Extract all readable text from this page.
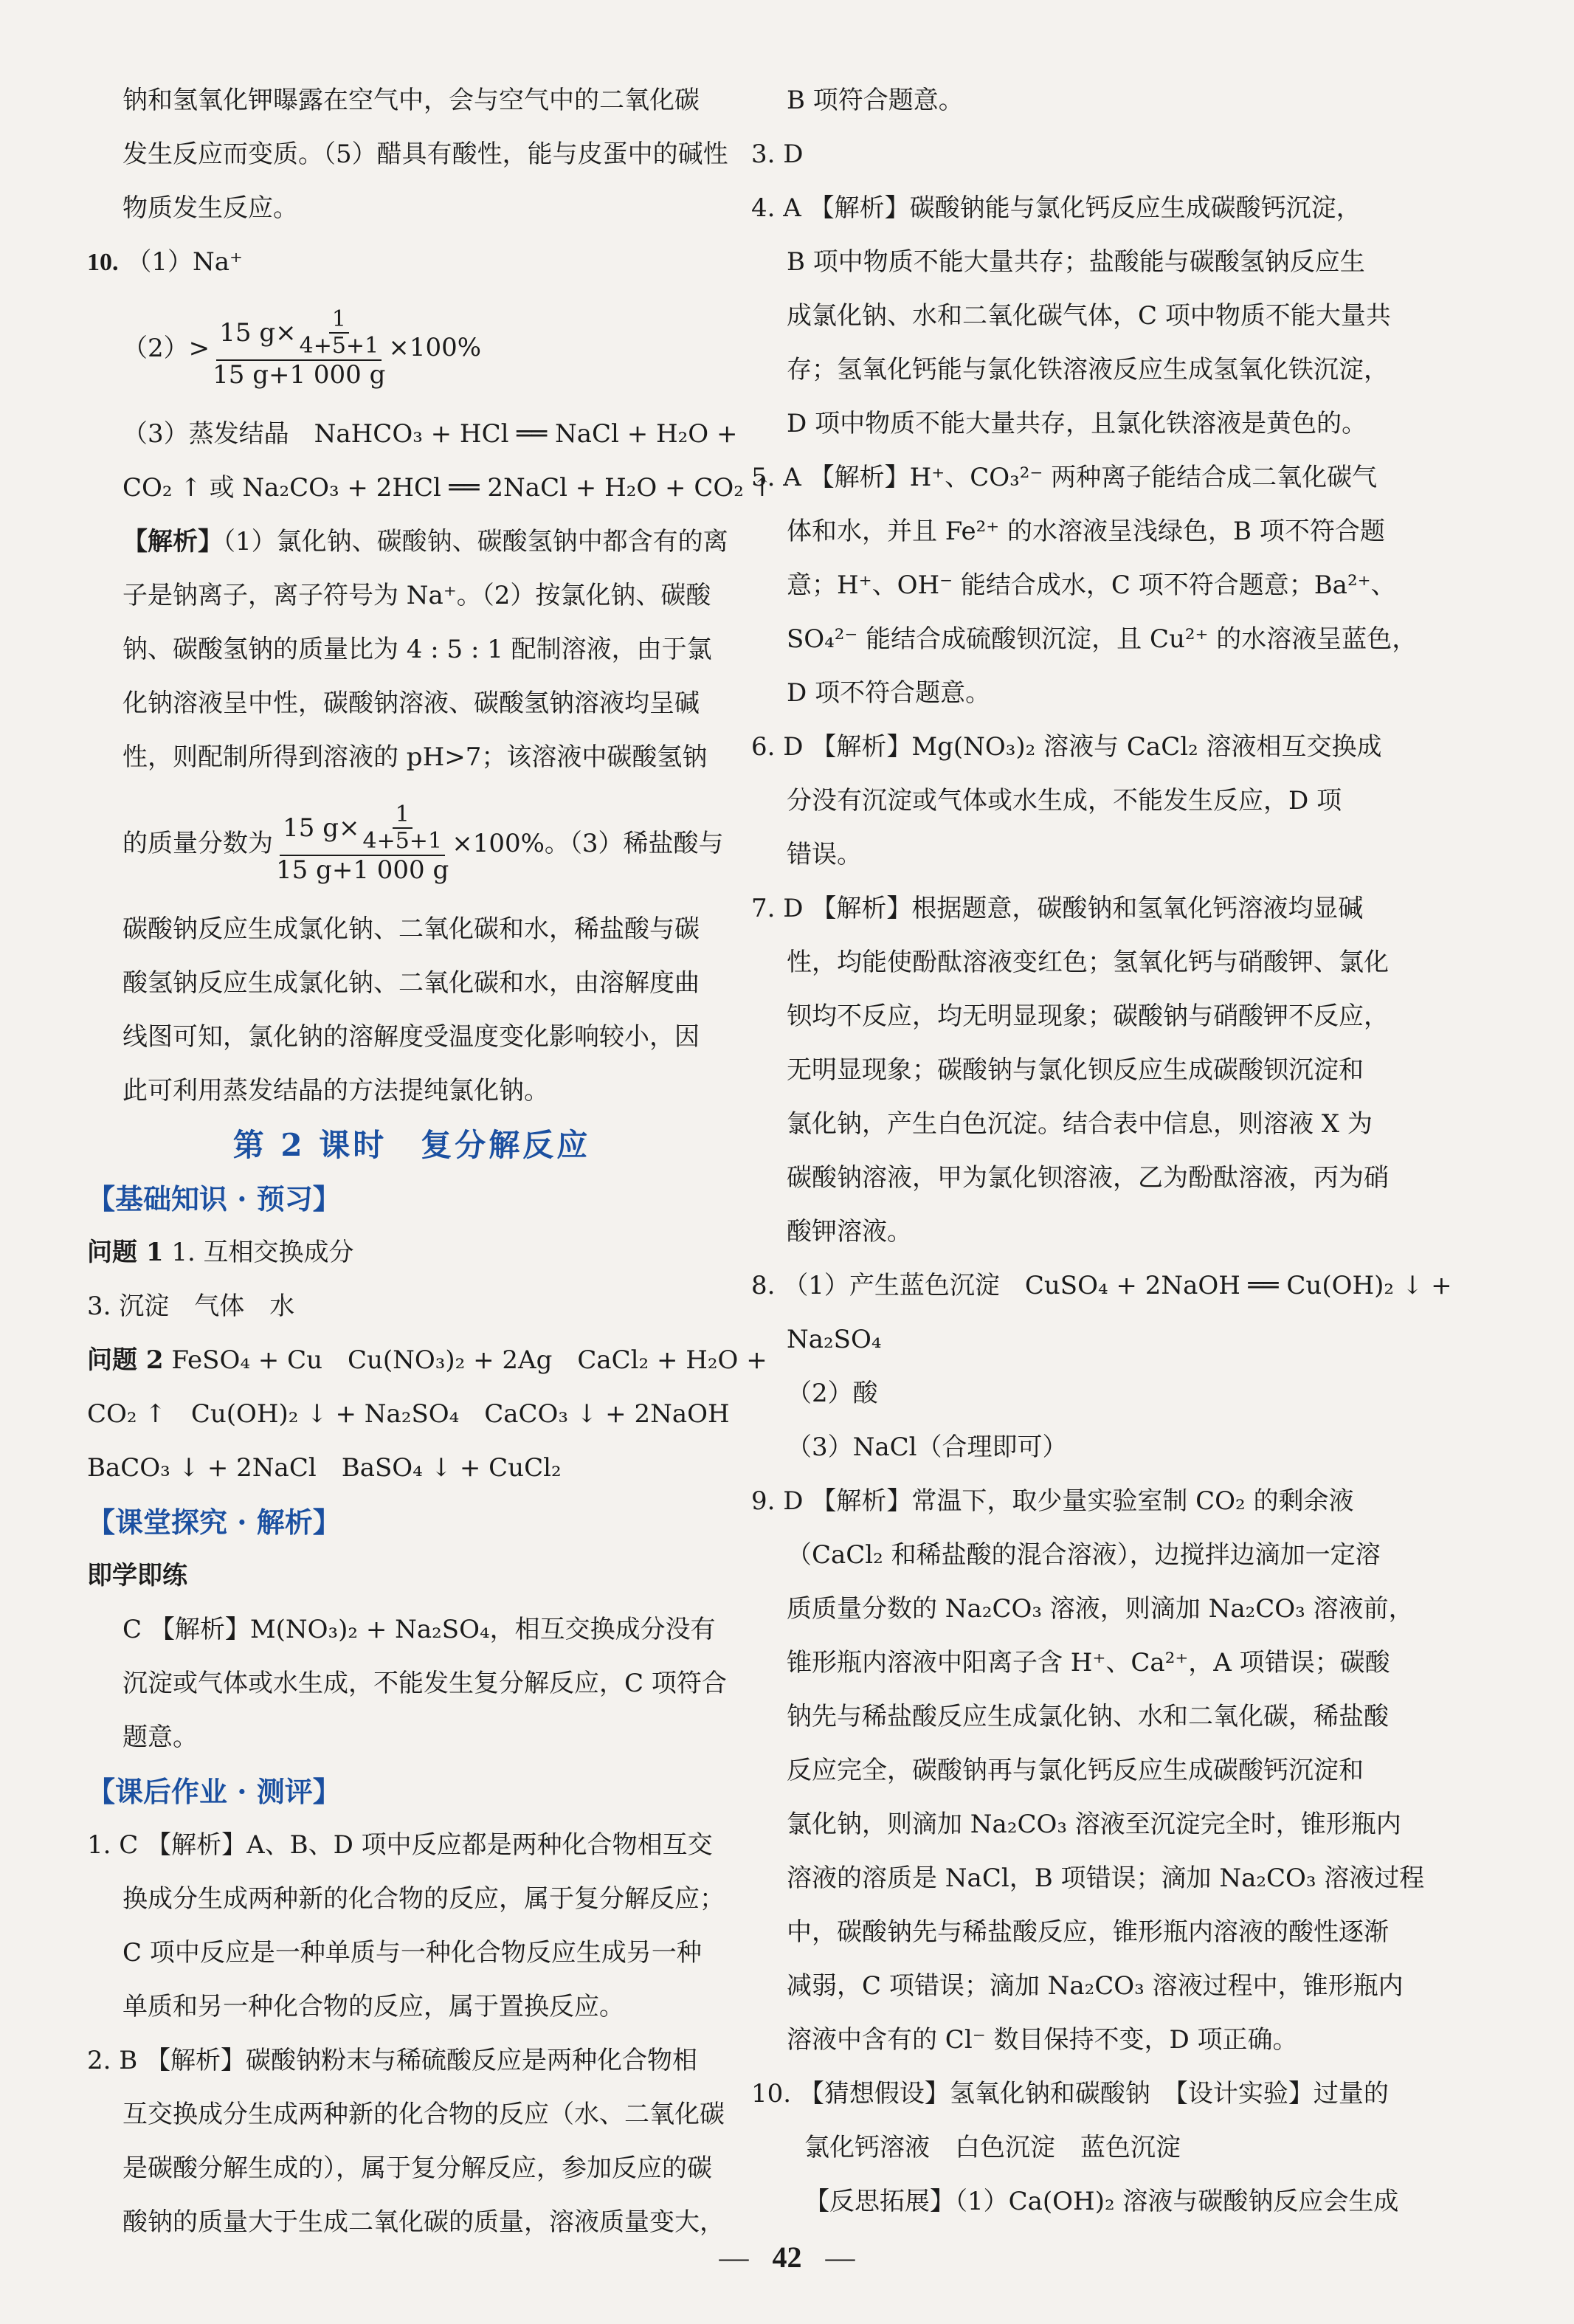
钠和氢氧化钾曝露在空气中，会与空气中的二氧化碳
发生反应而变质。（5）醋具有酸性，能与皮蛋中的碱性
物质发生反应。
10. （1）Na⁺
$(2)> \frac{15 g\times \frac{1}{4+5+1}}{15 g+1 000 g} \times 100\%$
（3）蒸发结晶　NaHCO₃ + HCl ══ NaCl + H₂O +
CO₂ ↑ 或 Na₂CO₃ + 2HCl ══ 2NaCl + H₂O + CO₂ ↑
【解析】（1）氯化钠、碳酸钠、碳酸氢钠中都含有的离
子是钠离子，离子符号为 Na⁺。（2）按氯化钠、碳酸
钠、碳酸氢钠的质量比为 4 : 5 : 1 配制溶液，由于氯
化钠溶液呈中性，碳酸钠溶液、碳酸氢钠溶液均呈碱
性，则配制所得到溶液的 pH>7；该溶液中碳酸氢钠
的质量分数为
15 $g\times \frac{1}{4+5+1}$
15 g+1 000 g
×100%。（3）稀盐酸与
碳酸钠反应生成氯化钠、二氧化碳和水，稀盐酸与碳
酸氢钠反应生成氯化钠、二氧化碳和水，由溶解度曲
线图可知，氯化钠的溶解度受温度变化影响较小，因
此可利用蒸发结晶的方法提纯氯化钠。
第 2 课时　复分解反应
【基础知识 · 预习】
问题 1 1. 互相交换成分
3. 沉淀　气体　水
问题 2 FeSO₄ + Cu　Cu(NO₃)₂ + 2Ag　CaCl₂ + H₂O +
CO₂ ↑　Cu(OH)₂ ↓ + Na₂SO₄　CaCO₃ ↓ + 2NaOH
BaCO₃ ↓ + 2NaCl　BaSO₄ ↓ + CuCl₂
【课堂探究 · 解析】
即学即练
C 【解析】M(NO₃)₂ + Na₂SO₄，相互交换成分没有
沉淀或气体或水生成，不能发生复分解反应，C 项符合
题意。
【课后作业 · 测评】
1. C 【解析】A、B、D 项中反应都是两种化合物相互交
换成分生成两种新的化合物的反应，属于复分解反应；
C 项中反应是一种单质与一种化合物反应生成另一种
单质和另一种化合物的反应，属于置换反应。
2. B 【解析】碳酸钠粉末与稀硫酸反应是两种化合物相
互交换成分生成两种新的化合物的反应（水、二氧化碳
是碳酸分解生成的），属于复分解反应，参加反应的碳
酸钠的质量大于生成二氧化碳的质量，溶液质量变大，
B 项符合题意。
3. D
4. A 【解析】碳酸钠能与氯化钙反应生成碳酸钙沉淀，
B 项中物质不能大量共存；盐酸能与碳酸氢钠反应生
成氯化钠、水和二氧化碳气体，C 项中物质不能大量共
存；氢氧化钙能与氯化铁溶液反应生成氢氧化铁沉淀，
D 项中物质不能大量共存，且氯化铁溶液是黄色的。
5. A 【解析】H⁺、CO₃²⁻ 两种离子能结合成二氧化碳气
体和水，并且 Fe²⁺ 的水溶液呈浅绿色，B 项不符合题
意；H⁺、OH⁻ 能结合成水，C 项不符合题意；Ba²⁺、
SO₄²⁻ 能结合成硫酸钡沉淀，且 Cu²⁺ 的水溶液呈蓝色，
D 项不符合题意。
6. D 【解析】Mg(NO₃)₂ 溶液与 CaCl₂ 溶液相互交换成
分没有沉淀或气体或水生成，不能发生反应，D 项
错误。
7. D 【解析】根据题意，碳酸钠和氢氧化钙溶液均显碱
性，均能使酚酞溶液变红色；氢氧化钙与硝酸钾、氯化
钡均不反应，均无明显现象；碳酸钠与硝酸钾不反应，
无明显现象；碳酸钠与氯化钡反应生成碳酸钡沉淀和
氯化钠，产生白色沉淀。结合表中信息，则溶液 X 为
碳酸钠溶液，甲为氯化钡溶液，乙为酚酞溶液，丙为硝
酸钾溶液。
8. （1）产生蓝色沉淀　CuSO₄ + 2NaOH ══ Cu(OH)₂ ↓ +
Na₂SO₄
（2）酸
（3）NaCl（合理即可）
9. D 【解析】常温下，取少量实验室制 CO₂ 的剩余液
（CaCl₂ 和稀盐酸的混合溶液），边搅拌边滴加一定溶
质质量分数的 Na₂CO₃ 溶液，则滴加 Na₂CO₃ 溶液前，
锥形瓶内溶液中阳离子含 H⁺、Ca²⁺，A 项错误；碳酸
钠先与稀盐酸反应生成氯化钠、水和二氧化碳，稀盐酸
反应完全，碳酸钠再与氯化钙反应生成碳酸钙沉淀和
氯化钠，则滴加 Na₂CO₃ 溶液至沉淀完全时，锥形瓶内
溶液的溶质是 NaCl，B 项错误；滴加 Na₂CO₃ 溶液过程
中，碳酸钠先与稀盐酸反应，锥形瓶内溶液的酸性逐渐
减弱，C 项错误；滴加 Na₂CO₃ 溶液过程中，锥形瓶内
溶液中含有的 Cl⁻ 数目保持不变，D 项正确。
10. 【猜想假设】氢氧化钠和碳酸钠　【设计实验】过量的
氯化钙溶液　白色沉淀　蓝色沉淀
【反思拓展】（1）Ca(OH)₂ 溶液与碳酸钠反应会生成
— 42 —
